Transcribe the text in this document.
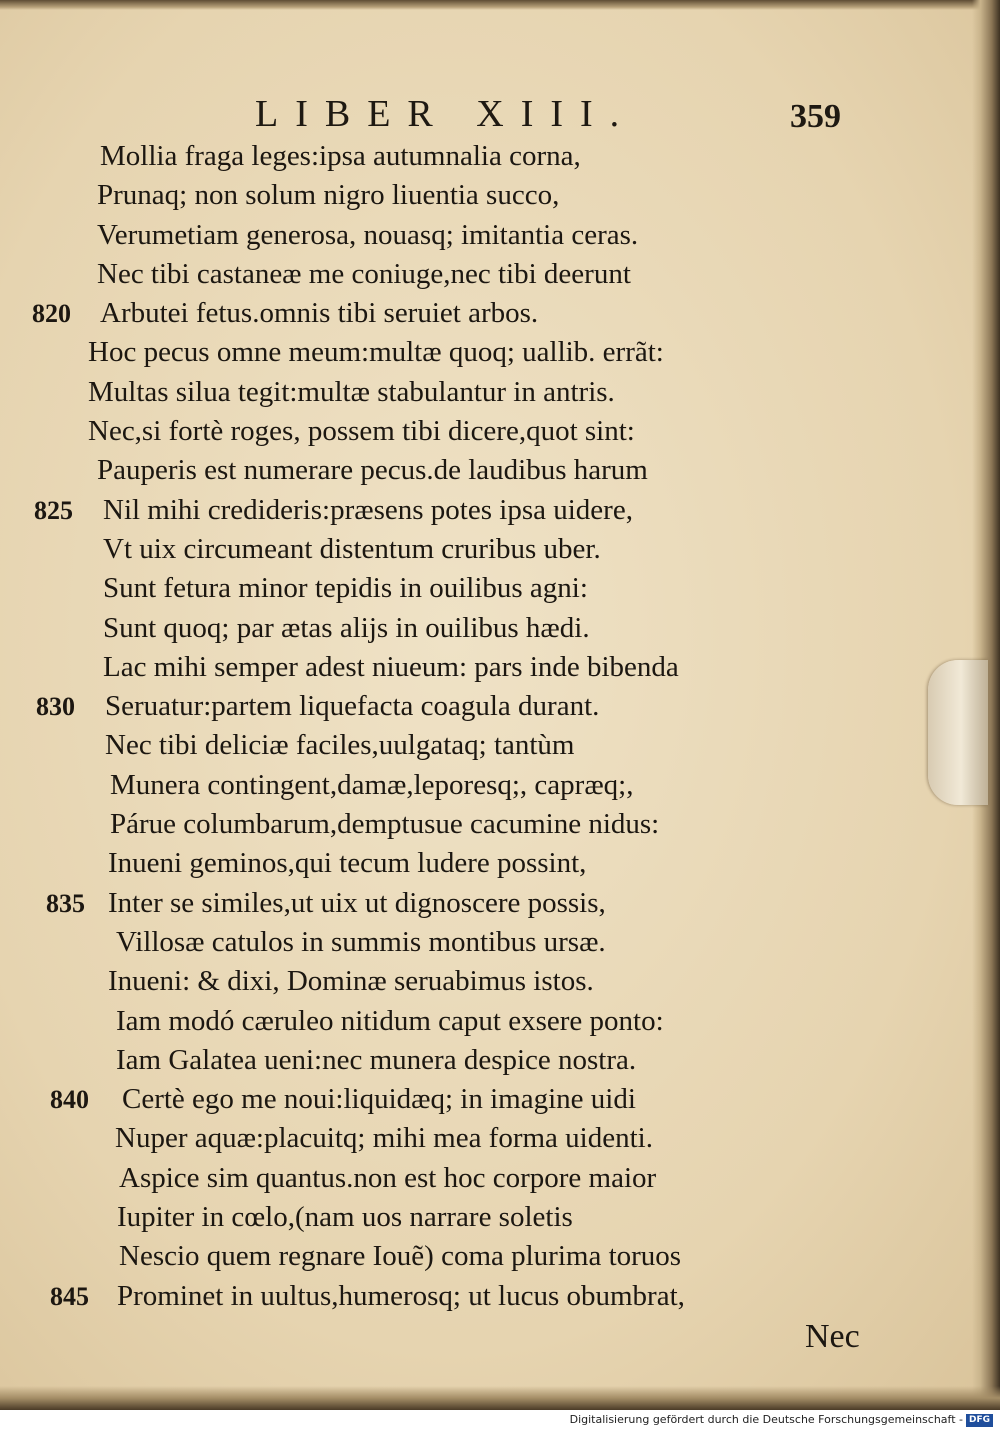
LIBER XIII.	359
Mollia fraga leges:ipsa autumnalia corna,
Prunaq; non solum nigro liuentia succo,
Verumetiam generosa, nouasq; imitantia ceras.
Nec tibi castaneæ me coniuge,nec tibi deerunt
820 Arbutei fetus.omnis tibi seruiet arbos.
Hoc pecus omne meum:multæ quoq; uallib. errãt:
Multas silua tegit:multæ stabulantur in antris.
Nec,si fortè roges, possem tibi dicere,quot sint:
Pauperis est numerare pecus.de laudibus harum
825 Nil mihi credideris:præsens potes ipsa uidere,
Vt uix circumeant distentum cruribus uber.
Sunt fetura minor tepidis in ouilibus agni:
Sunt quoq; par ætas alijs in ouilibus hædi.
Lac mihi semper adest niueum: pars inde bibenda
830 Seruatur:partem liquefacta coagula durant.
Nec tibi deliciæ faciles,uulgataq; tantùm
Munera contingent,damæ,leporesq;, capræq;,
Párue columbarum,demptusue cacumine nidus:
Inueni geminos,qui tecum ludere possint,
835 Inter se similes,ut uix ut dignoscere possis,
Villosæ catulos in summis montibus ursæ.
Inueni: & dixi, Dominæ seruabimus istos.
Iam modó cæruleo nitidum caput exsere ponto:
Iam Galatea ueni:nec munera despice nostra.
840 Certè ego me noui:liquidæq; in imagine uidi
Nuper aquæ:placuitq; mihi mea forma uidenti.
Aspice sim quantus.non est hoc corpore maior
Iupiter in cœlo,(nam uos narrare soletis
Nescio quem regnare Iouẽ) coma plurima toruos
845 Prominet in uultus,humerosq; ut lucus obumbrat,
Nec
Digitalisierung gefördert durch die Deutsche Forschungsgemeinschaft - DFG
